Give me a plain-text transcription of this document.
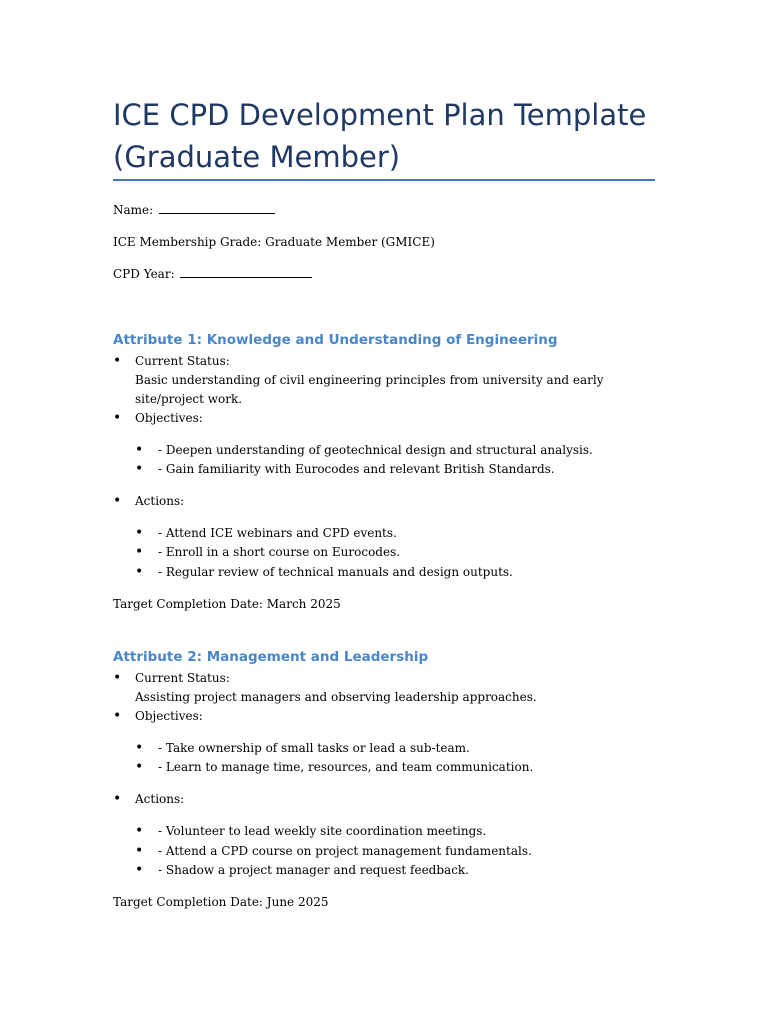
ICE CPD Development Plan Template
(Graduate Member)
Name:
ICE Membership Grade: Graduate Member (GMICE)
CPD Year:
Attribute 1: Knowledge and Understanding of Engineering
• Current Status:
Basic understanding of civil engineering principles from university and early
site/project work.
• Objectives:
• - Deepen understanding of geotechnical design and structural analysis.
• - Gain familiarity with Eurocodes and relevant British Standards.
• Actions:
• - Attend ICE webinars and CPD events.
• - Enroll in a short course on Eurocodes.
• - Regular review of technical manuals and design outputs.
Target Completion Date: March 2025
Attribute 2: Management and Leadership
• Current Status:
Assisting project managers and observing leadership approaches.
• Objectives:
• - Take ownership of small tasks or lead a sub-team.
• - Learn to manage time, resources, and team communication.
• Actions:
• - Volunteer to lead weekly site coordination meetings.
• - Attend a CPD course on project management fundamentals.
• - Shadow a project manager and request feedback.
Target Completion Date: June 2025
